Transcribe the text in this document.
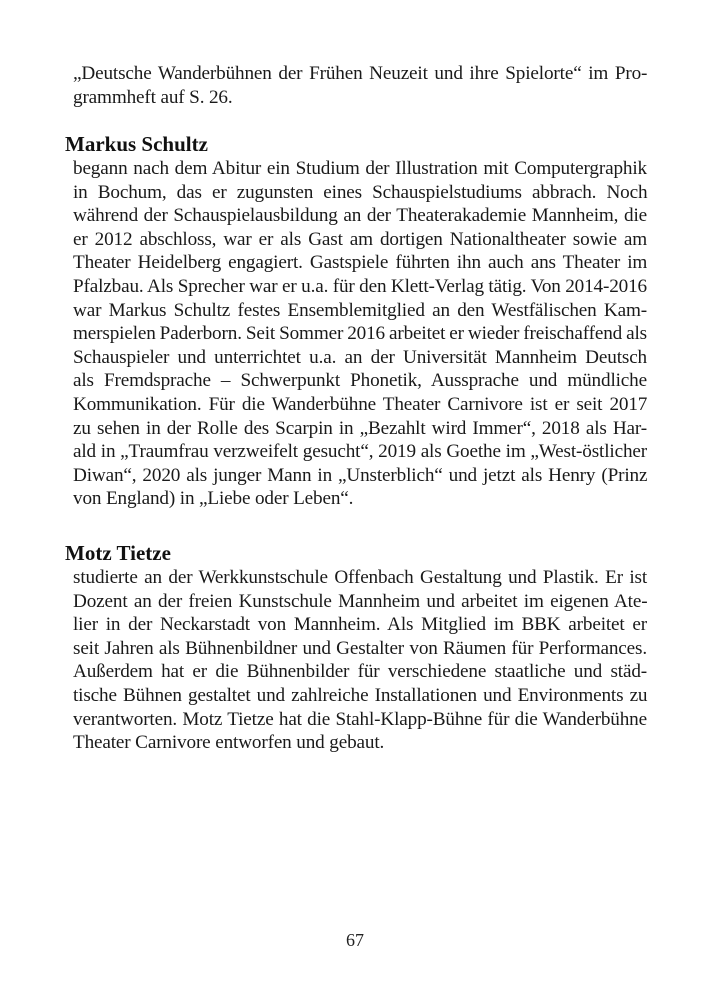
„Deutsche Wanderbühnen der Frühen Neuzeit und ihre Spielorte“ im Pro-
grammheft auf S. 26.
Markus Schultz
begann nach dem Abitur ein Studium der Illustration mit Computergraphik
in Bochum, das er zugunsten eines Schauspielstudiums abbrach. Noch
während der Schauspielausbildung an der Theaterakademie Mannheim, die
er 2012 abschloss, war er als Gast am dortigen Nationaltheater sowie am
Theater Heidelberg engagiert. Gastspiele führten ihn auch ans Theater im
Pfalzbau. Als Sprecher war er u.a. für den Klett-Verlag tätig. Von 2014-2016
war Markus Schultz festes Ensemblemitglied an den Westfälischen Kam-
merspielen Paderborn. Seit Sommer 2016 arbeitet er wieder freischaffend als
Schauspieler und unterrichtet u.a. an der Universität Mannheim Deutsch
als Fremdsprache – Schwerpunkt Phonetik, Aussprache und mündliche
Kommunikation. Für die Wanderbühne Theater Carnivore ist er seit 2017
zu sehen in der Rolle des Scarpin in „Bezahlt wird Immer“, 2018 als Har-
ald in „Traumfrau verzweifelt gesucht“, 2019 als Goethe im „West-östlicher
Diwan“, 2020 als junger Mann in „Unsterblich“ und jetzt als Henry (Prinz
von England) in „Liebe oder Leben“.
Motz Tietze
studierte an der Werkkunstschule Offenbach Gestaltung und Plastik. Er ist
Dozent an der freien Kunstschule Mannheim und arbeitet im eigenen Ate-
lier in der Neckarstadt von Mannheim. Als Mitglied im BBK arbeitet er
seit Jahren als Bühnenbildner und Gestalter von Räumen für Performances.
Außerdem hat er die Bühnenbilder für verschiedene staatliche und städ-
tische Bühnen gestaltet und zahlreiche Installationen und Environments zu
verantworten. Motz Tietze hat die Stahl-Klapp-Bühne für die Wanderbühne
Theater Carnivore entworfen und gebaut.
67
